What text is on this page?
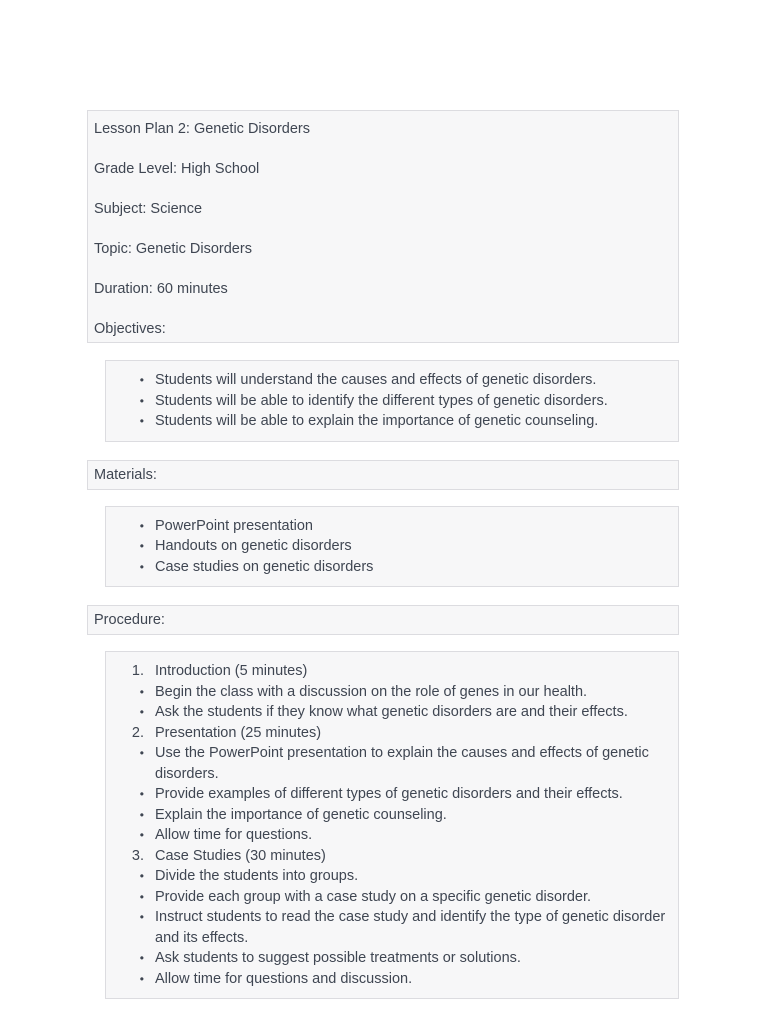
Lesson Plan 2: Genetic Disorders

Grade Level: High School

Subject: Science

Topic: Genetic Disorders

Duration: 60 minutes

Objectives:

• Students will understand the causes and effects of genetic disorders.
• Students will be able to identify the different types of genetic disorders.
• Students will be able to explain the importance of genetic counseling.
Materials:
• PowerPoint presentation
• Handouts on genetic disorders
• Case studies on genetic disorders
Procedure:
1. Introduction (5 minutes)
• Begin the class with a discussion on the role of genes in our health.
• Ask the students if they know what genetic disorders are and their effects.
2. Presentation (25 minutes)
• Use the PowerPoint presentation to explain the causes and effects of genetic disorders.
• Provide examples of different types of genetic disorders and their effects.
• Explain the importance of genetic counseling.
• Allow time for questions.
3. Case Studies (30 minutes)
• Divide the students into groups.
• Provide each group with a case study on a specific genetic disorder.
• Instruct students to read the case study and identify the type of genetic disorder and its effects.
• Ask students to suggest possible treatments or solutions.
• Allow time for questions and discussion.
